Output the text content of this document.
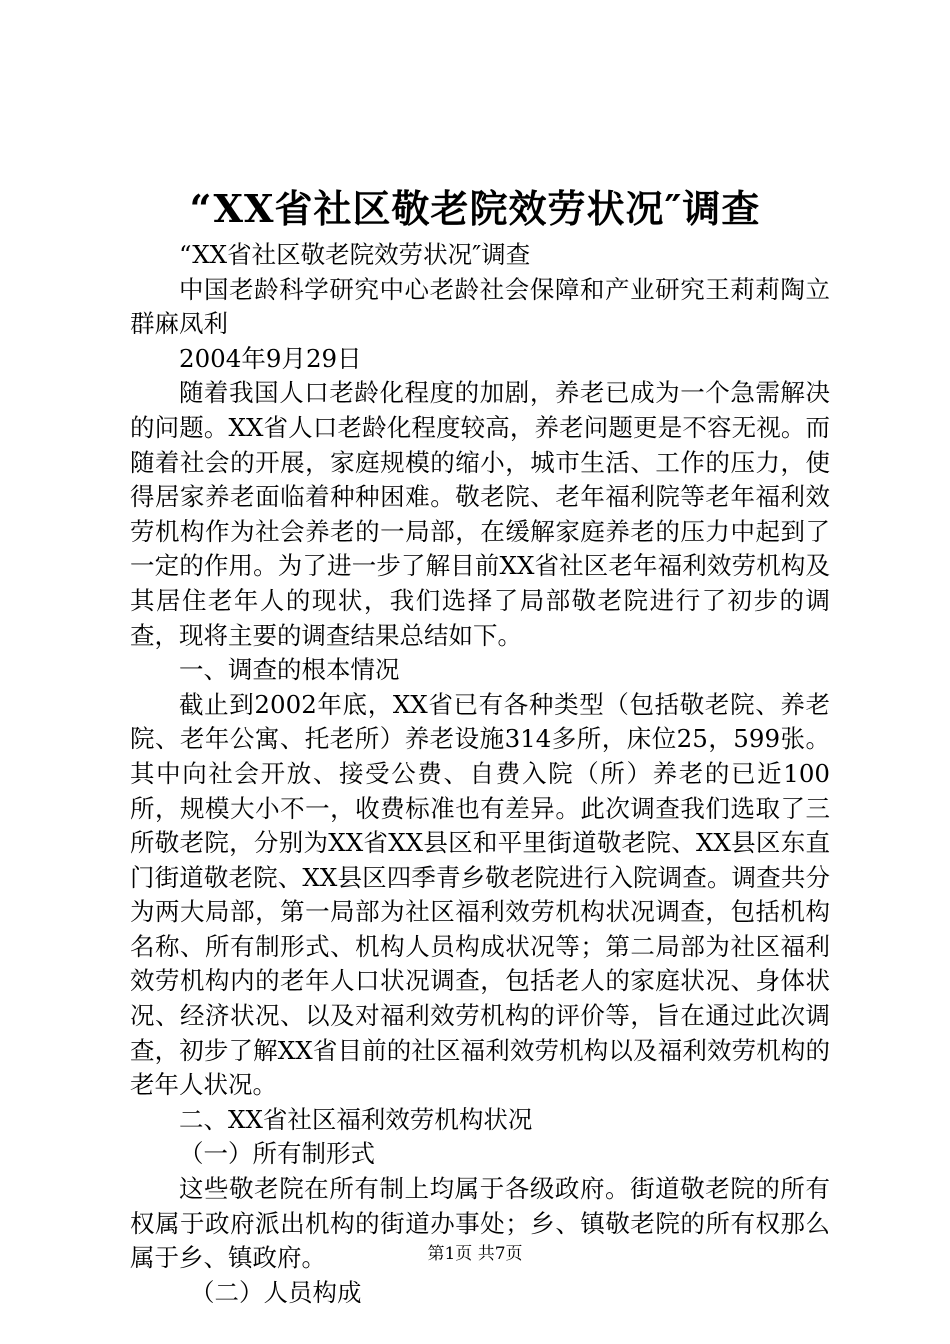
“XX省社区敬老院效劳状况″调查

“XX省社区敬老院效劳状况″调查

中国老龄科学研究中心老龄社会保障和产业研究王莉莉陶立群麻凤利

2004年9月29日

随着我国人口老龄化程度的加剧，养老已成为一个急需解决的问题。XX省人口老龄化程度较高，养老问题更是不容无视。而随着社会的开展，家庭规模的缩小，城市生活、工作的压力，使得居家养老面临着种种困难。敬老院、老年福利院等老年福利效劳机构作为社会养老的一局部，在缓解家庭养老的压力中起到了一定的作用。为了进一步了解目前XX省社区老年福利效劳机构及其居住老年人的现状，我们选择了局部敬老院进行了初步的调查，现将主要的调查结果总结如下。

一、调查的根本情况

截止到2002年底，XX省已有各种类型（包括敬老院、养老院、老年公寓、托老所）养老设施314多所，床位25，599张。其中向社会开放、接受公费、自费入院（所）养老的已近100所，规模大小不一，收费标准也有差异。此次调查我们选取了三所敬老院，分别为XX省XX县区和平里街道敬老院、XX县区东直门街道敬老院、XX县区四季青乡敬老院进行入院调查。调查共分为两大局部，第一局部为社区福利效劳机构状况调查，包括机构名称、所有制形式、机构人员构成状况等；第二局部为社区福利效劳机构内的老年人口状况调查，包括老人的家庭状况、身体状况、经济状况、以及对福利效劳机构的评价等，旨在通过此次调查，初步了解XX省目前的社区福利效劳机构以及福利效劳机构的老年人状况。

二、XX省社区福利效劳机构状况

（一）所有制形式

这些敬老院在所有制上均属于各级政府。街道敬老院的所有权属于政府派出机构的街道办事处；乡、镇敬老院的所有权那么属于乡、镇政府。

（二）人员构成

第1页 共7页
